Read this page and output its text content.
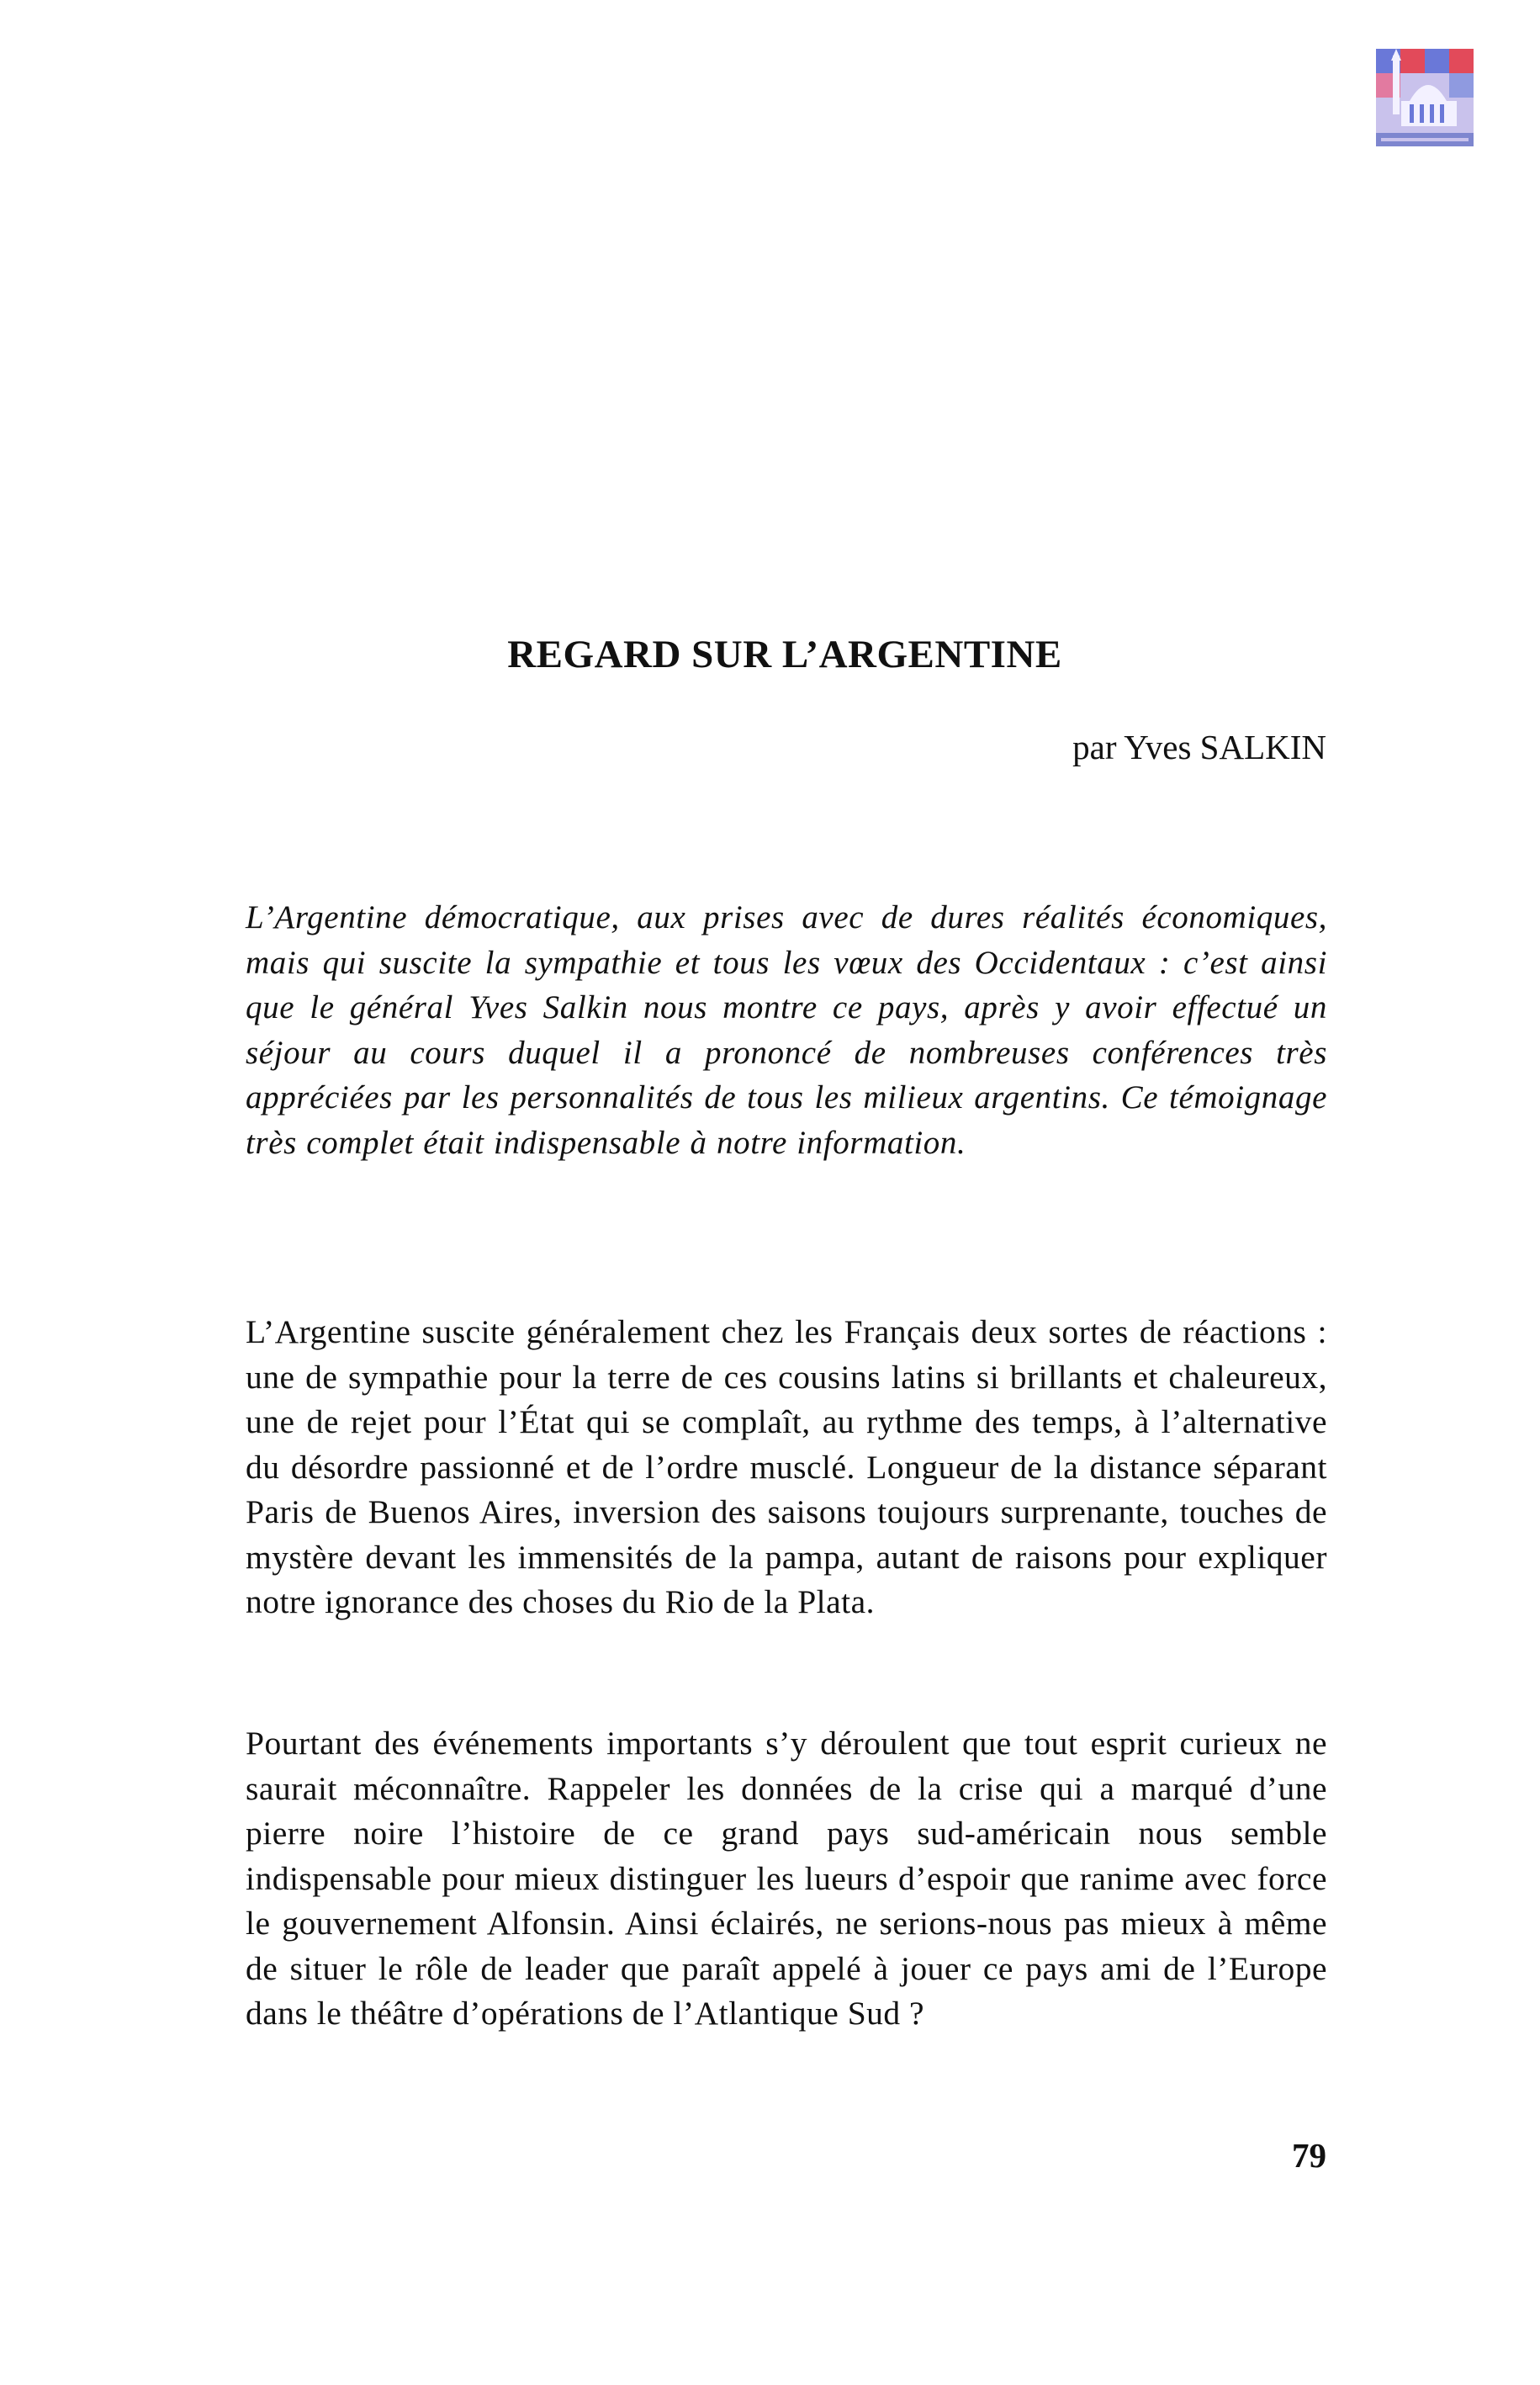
REGARD SUR L’ARGENTINE

par Yves SALKIN

L’Argentine démocratique, aux prises avec de dures réalités économiques, mais qui suscite la sympathie et tous les vœux des Occidentaux : c’est ainsi que le général Yves Salkin nous montre ce pays, après y avoir effectué un séjour au cours duquel il a prononcé de nombreuses conférences très appréciées par les personnalités de tous les milieux argentins. Ce témoignage très complet était indispensable à notre information.

L’Argentine suscite généralement chez les Français deux sortes de réactions : une de sympathie pour la terre de ces cousins latins si brillants et chaleureux, une de rejet pour l’État qui se complaît, au rythme des temps, à l’alternative du désordre passionné et de l’ordre musclé. Longueur de la distance séparant Paris de Buenos Aires, inversion des saisons toujours surprenante, touches de mystère devant les immensités de la pampa, autant de raisons pour expliquer notre ignorance des choses du Rio de la Plata.

Pourtant des événements importants s’y déroulent que tout esprit curieux ne saurait méconnaître. Rappeler les données de la crise qui a marqué d’une pierre noire l’histoire de ce grand pays sud-américain nous semble indispensable pour mieux distinguer les lueurs d’espoir que ranime avec force le gouvernement Alfonsin. Ainsi éclairés, ne serions-nous pas mieux à même de situer le rôle de leader que paraît appelé à jouer ce pays ami de l’Europe dans le théâtre d’opérations de l’Atlantique Sud ?

79
